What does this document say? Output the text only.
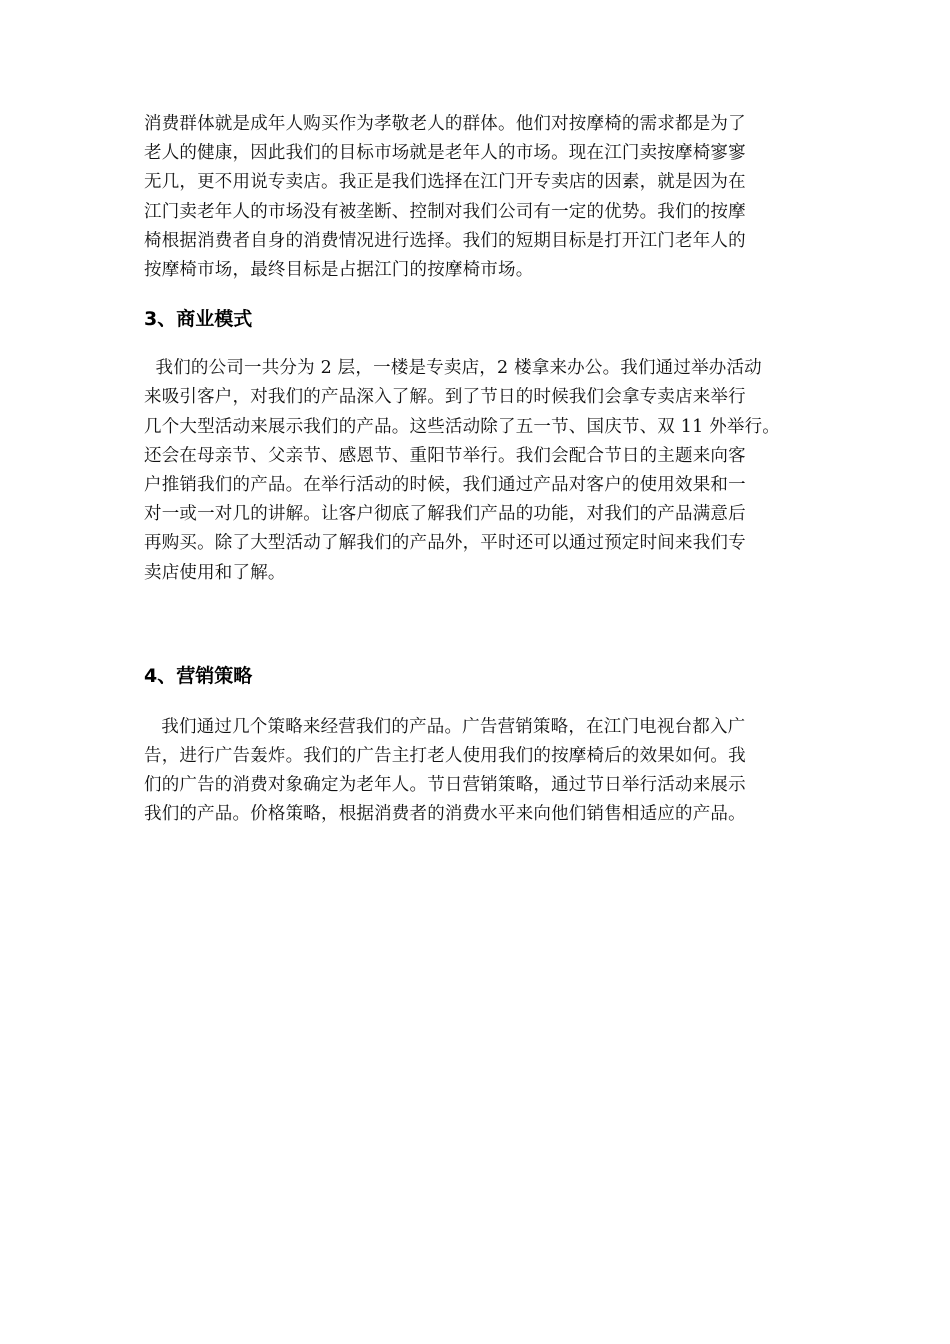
消费群体就是成年人购买作为孝敬老人的群体。他们对按摩椅的需求都是为了
老人的健康，因此我们的目标市场就是老年人的市场。现在江门卖按摩椅寥寥
无几，更不用说专卖店。我正是我们选择在江门开专卖店的因素，就是因为在
江门卖老年人的市场没有被垄断、控制对我们公司有一定的优势。我们的按摩
椅根据消费者自身的消费情况进行选择。我们的短期目标是打开江门老年人的
按摩椅市场，最终目标是占据江门的按摩椅市场。
3、商业模式
我们的公司一共分为 2 层，一楼是专卖店，2 楼拿来办公。我们通过举办活动
来吸引客户，对我们的产品深入了解。到了节日的时候我们会拿专卖店来举行
几个大型活动来展示我们的产品。这些活动除了五一节、国庆节、双 11 外举行。
还会在母亲节、父亲节、感恩节、重阳节举行。我们会配合节日的主题来向客
户推销我们的产品。在举行活动的时候，我们通过产品对客户的使用效果和一
对一或一对几的讲解。让客户彻底了解我们产品的功能，对我们的产品满意后
再购买。除了大型活动了解我们的产品外，平时还可以通过预定时间来我们专
卖店使用和了解。
4、营销策略
我们通过几个策略来经营我们的产品。广告营销策略，在江门电视台都入广
告，进行广告轰炸。我们的广告主打老人使用我们的按摩椅后的效果如何。我
们的广告的消费对象确定为老年人。节日营销策略，通过节日举行活动来展示
我们的产品。价格策略，根据消费者的消费水平来向他们销售相适应的产品。
